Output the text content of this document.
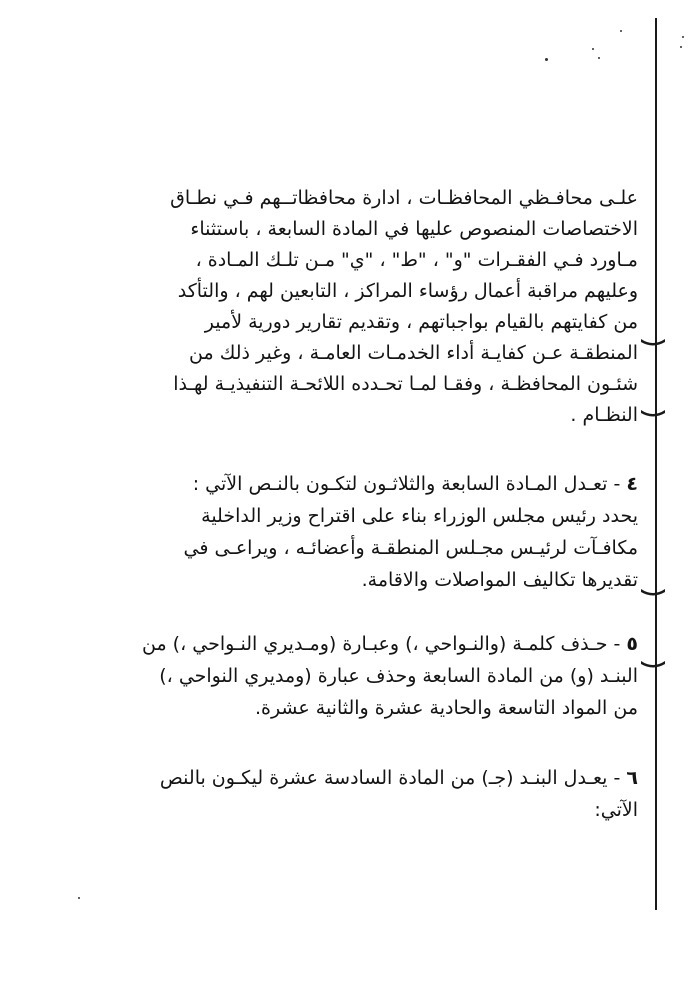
علـى محافـظي المحافظـات ، ادارة محافظاتــهم فـي نطـاق
الاختصاصات المنصوص عليها في المادة السابعة ، باستثناء
مـاورد فـي الفقـرات "و" ، "ط" ، "ي" مـن تلـك المـادة ،
وعليهم مراقبة أعمال رؤساء المراكز ، التابعين لهم ، والتأكد
من كفايتهم بالقيام بواجباتهم ، وتقديم تقارير دورية لأمير
المنطقـة عـن كفايـة أداء الخدمـات العامـة ، وغير ذلك من
شئـون المحافظـة ، وفقـا لمـا تحـدده اللائحـة التنفيذيـة لهـذا
النظـام .
٤ - تعـدل المـادة السابعة والثلاثـون لتكـون بالنـص الآتي :
يحدد رئيس مجلس الوزراء بناء على اقتراح وزير الداخلية
مكافـآت لرئيـس مجـلس المنطقـة وأعضائـه ، ويراعـى في
تقديرها تكاليف المواصلات والاقامة.
٥ - حـذف كلمـة (والنـواحي ،) وعبـارة (ومـديري النـواحي ،) من
البنـد (و) من المادة السابعة وحذف عبارة (ومديري النواحي ،)
من المواد التاسعة والحادية عشرة والثانية عشرة.
٦ - يعـدل البنـد (جـ) من المادة السادسة عشرة ليكـون بالنص
الآتي:
